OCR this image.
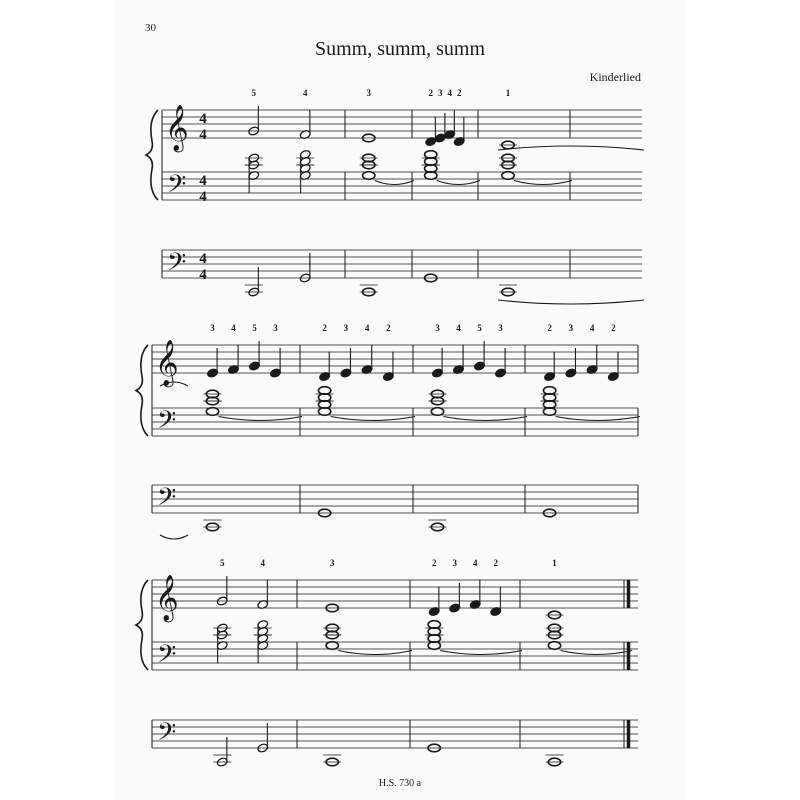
30
Summ, summ, summ
Kinderlied
𝄞
𝄢
𝄢
4
4
4
4
4
4
5	4	3	2 3 4 2	1
𝄞
𝄢
𝄢
3 4 5 3	2 3 4 2	3 4 5 3	2 3 4 2
𝄞
𝄢
𝄢
5	4	3	2 3 4 2	1
H.S. 730 a
